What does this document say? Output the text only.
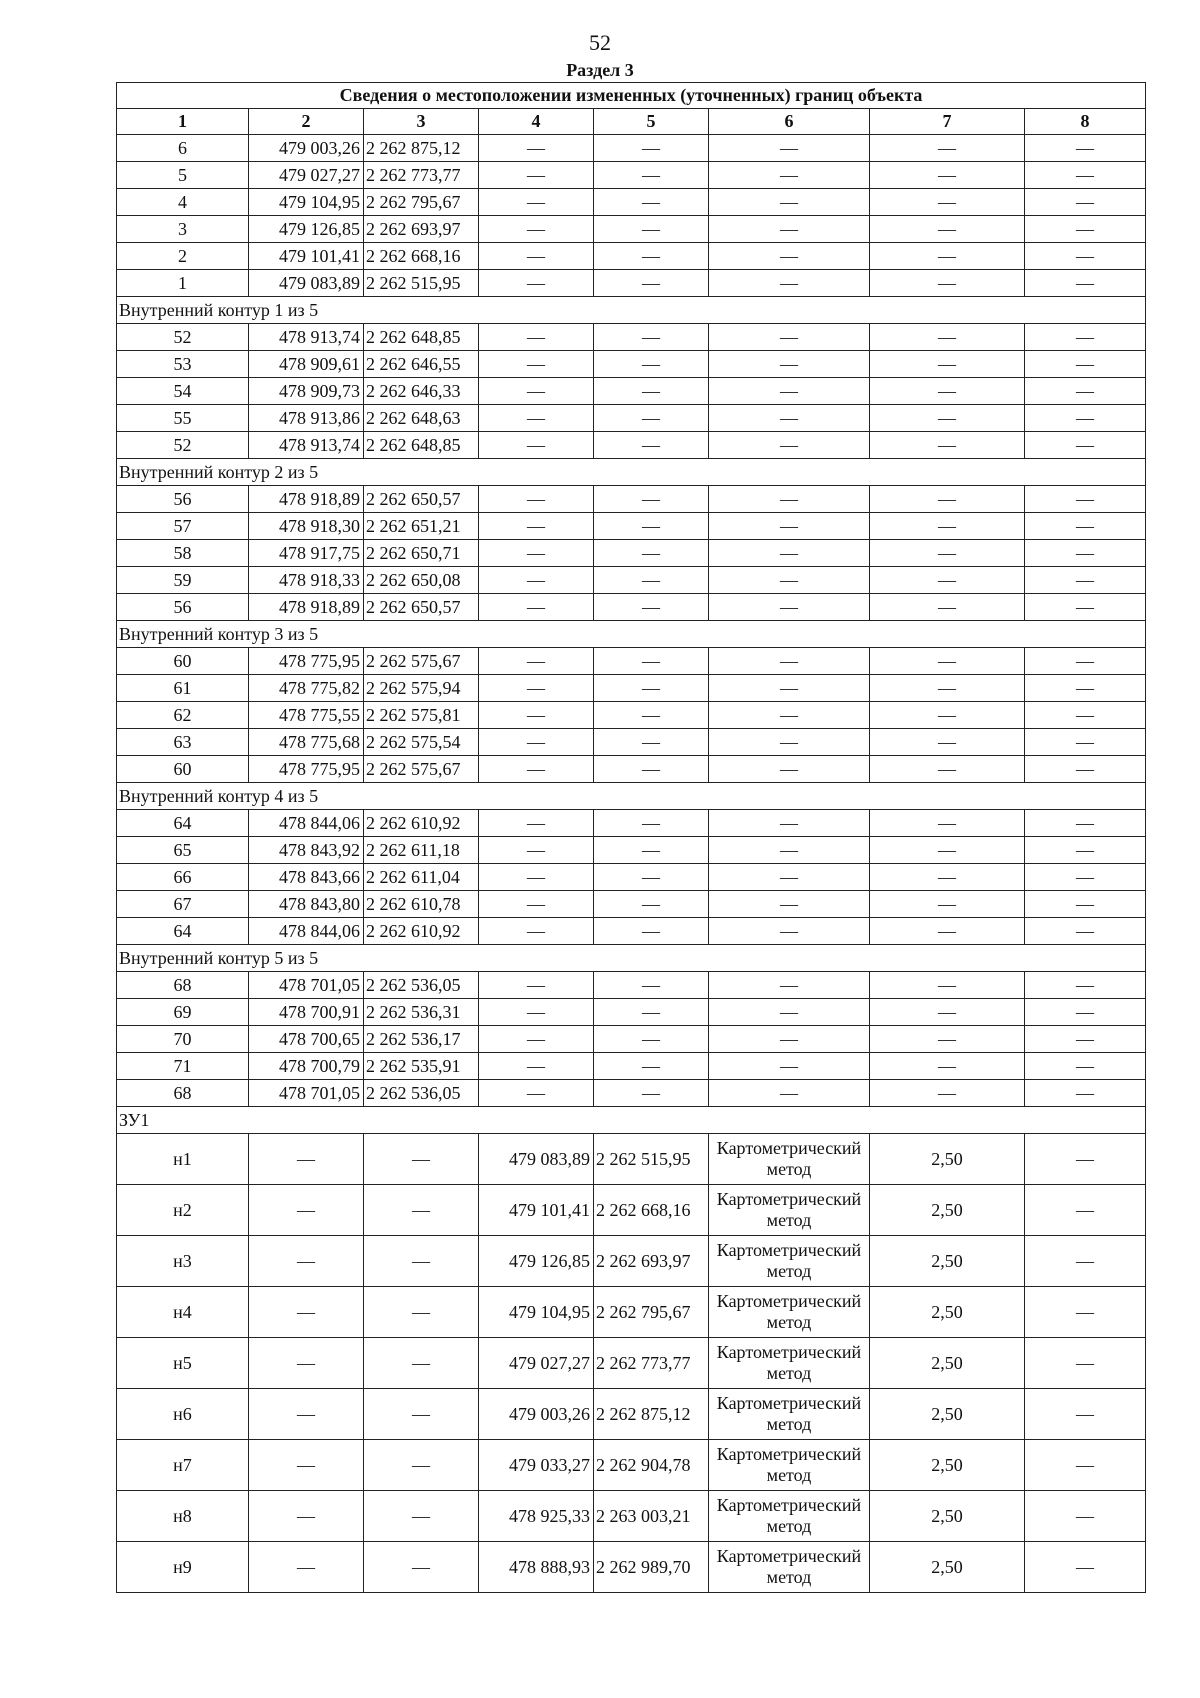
52
Раздел 3
Сведения о местоположении измененных (уточненных) границ объекта							
1	2	3	4	5	6	7	8
6	479 003,26	2 262 875,12	—	—	—	—	—
5	479 027,27	2 262 773,77	—	—	—	—	—
4	479 104,95	2 262 795,67	—	—	—	—	—
3	479 126,85	2 262 693,97	—	—	—	—	—
2	479 101,41	2 262 668,16	—	—	—	—	—
1	479 083,89	2 262 515,95	—	—	—	—	—
Внутренний контур 1 из 5							
52	478 913,74	2 262 648,85	—	—	—	—	—
53	478 909,61	2 262 646,55	—	—	—	—	—
54	478 909,73	2 262 646,33	—	—	—	—	—
55	478 913,86	2 262 648,63	—	—	—	—	—
52	478 913,74	2 262 648,85	—	—	—	—	—
Внутренний контур 2 из 5							
56	478 918,89	2 262 650,57	—	—	—	—	—
57	478 918,30	2 262 651,21	—	—	—	—	—
58	478 917,75	2 262 650,71	—	—	—	—	—
59	478 918,33	2 262 650,08	—	—	—	—	—
56	478 918,89	2 262 650,57	—	—	—	—	—
Внутренний контур 3 из 5							
60	478 775,95	2 262 575,67	—	—	—	—	—
61	478 775,82	2 262 575,94	—	—	—	—	—
62	478 775,55	2 262 575,81	—	—	—	—	—
63	478 775,68	2 262 575,54	—	—	—	—	—
60	478 775,95	2 262 575,67	—	—	—	—	—
Внутренний контур 4 из 5							
64	478 844,06	2 262 610,92	—	—	—	—	—
65	478 843,92	2 262 611,18	—	—	—	—	—
66	478 843,66	2 262 611,04	—	—	—	—	—
67	478 843,80	2 262 610,78	—	—	—	—	—
64	478 844,06	2 262 610,92	—	—	—	—	—
Внутренний контур 5 из 5							
68	478 701,05	2 262 536,05	—	—	—	—	—
69	478 700,91	2 262 536,31	—	—	—	—	—
70	478 700,65	2 262 536,17	—	—	—	—	—
71	478 700,79	2 262 535,91	—	—	—	—	—
68	478 701,05	2 262 536,05	—	—	—	—	—
ЗУ1							
н1	—	—	479 083,89	2 262 515,95	Картометрический метод	2,50	—
н2	—	—	479 101,41	2 262 668,16	Картометрический метод	2,50	—
н3	—	—	479 126,85	2 262 693,97	Картометрический метод	2,50	—
н4	—	—	479 104,95	2 262 795,67	Картометрический метод	2,50	—
н5	—	—	479 027,27	2 262 773,77	Картометрический метод	2,50	—
н6	—	—	479 003,26	2 262 875,12	Картометрический метод	2,50	—
н7	—	—	479 033,27	2 262 904,78	Картометрический метод	2,50	—
н8	—	—	478 925,33	2 263 003,21	Картометрический метод	2,50	—
н9	—	—	478 888,93	2 262 989,70	Картометрический метод	2,50	—
